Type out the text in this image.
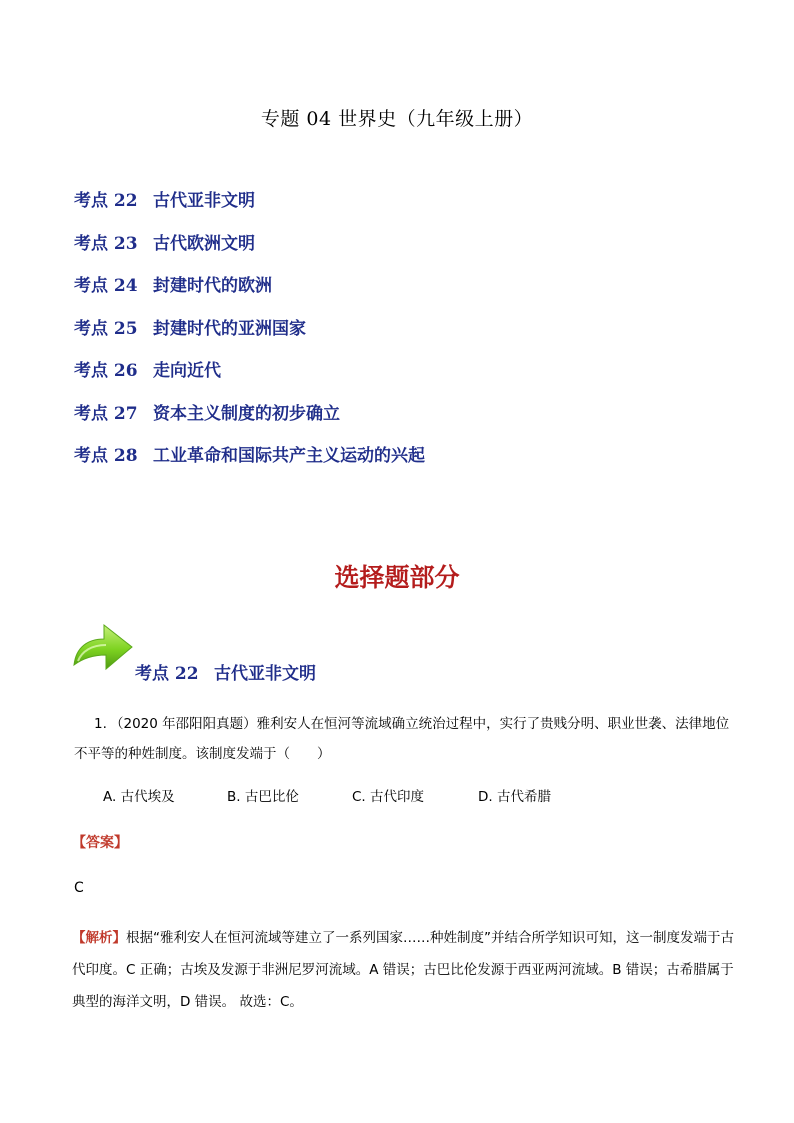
专题 04 世界史（九年级上册）
考点 22 古代亚非文明
考点 23 古代欧洲文明
考点 24 封建时代的欧洲
考点 25 封建时代的亚洲国家
考点 26 走向近代
考点 27 资本主义制度的初步确立
考点 28 工业革命和国际共产主义运动的兴起
选择题部分
考点 22 古代亚非文明
1. （2020 年邵阳阳真题）雅利安人在恒河等流域确立统治过程中，实行了贵贱分明、职业世袭、法律地位不平等的种姓制度。该制度发端于（　　）
A. 古代埃及	B. 古巴比伦	C. 古代印度	D. 古代希腊
【答案】
C
【解析】根据“雅利安人在恒河流域等建立了一系列国家……种姓制度”并结合所学知识可知，这一制度发端于古代印度。C 正确；古埃及发源于非洲尼罗河流域。A 错误；古巴比伦发源于西亚两河流域。B 错误；古希腊属于典型的海洋文明，D 错误。 故选：C。
